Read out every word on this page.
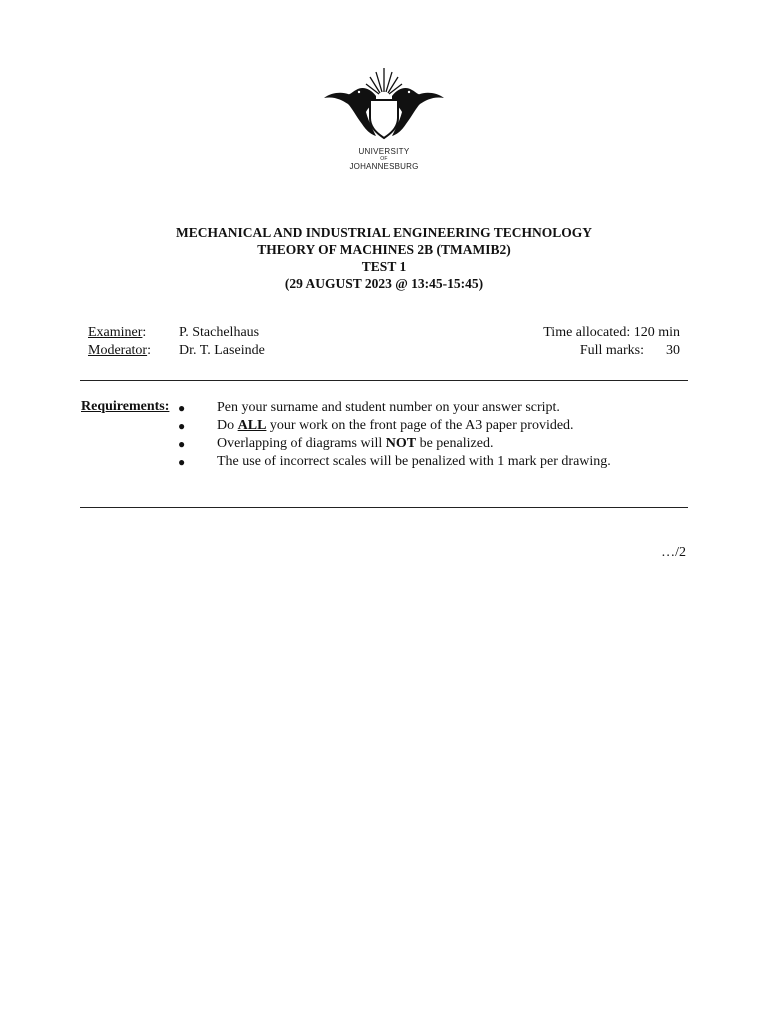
UNIVERSITY
OF
JOHANNESBURG
MECHANICAL AND INDUSTRIAL ENGINEERING TECHNOLOGY
THEORY OF MACHINES 2B (TMAMIB2)
TEST 1
(29 AUGUST 2023 @ 13:45-15:45)
Examiner: P. Stachelhaus	Time allocated: 120 min
Moderator: Dr. T. Laseinde	Full marks: 30
Requirements: ● Pen your surname and student number on your answer script.
● Do ALL your work on the front page of the A3 paper provided.
● Overlapping of diagrams will NOT be penalized.
● The use of incorrect scales will be penalized with 1 mark per drawing.
…/2
